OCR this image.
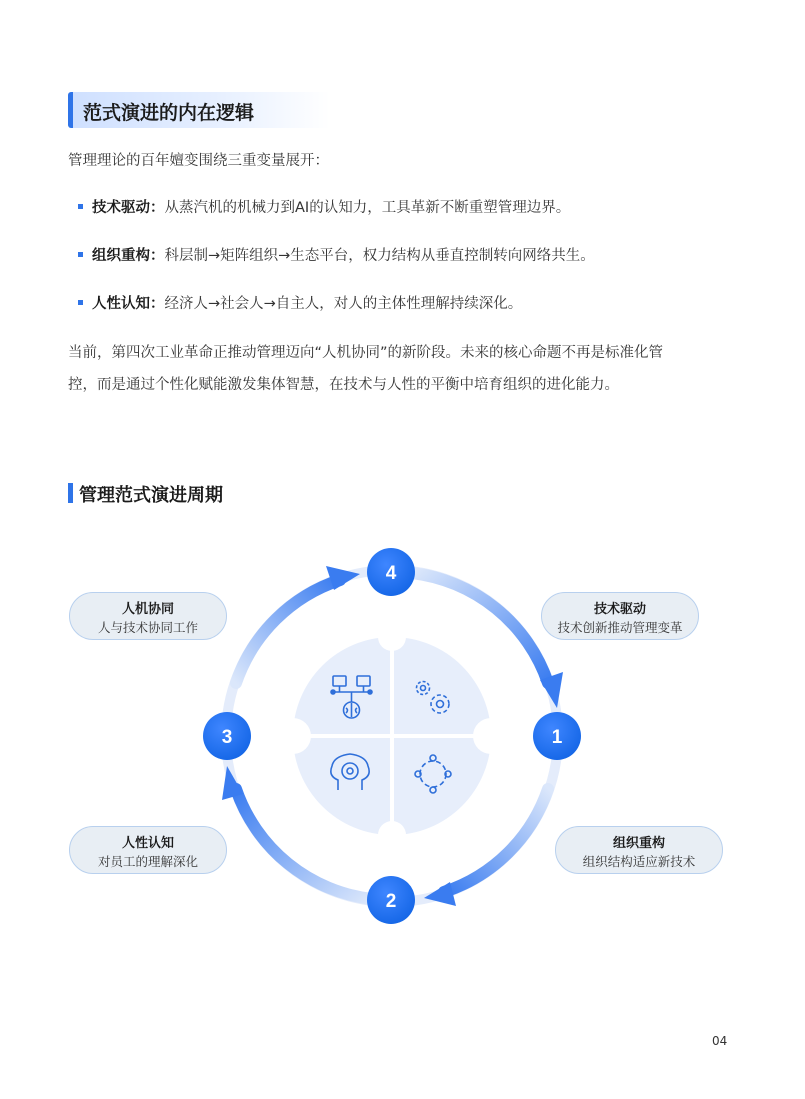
范式演进的内在逻辑
管理理论的百年嬗变围绕三重变量展开：
技术驱动：从蒸汽机的机械力到AI的认知力，工具革新不断重塑管理边界。
组织重构：科层制→矩阵组织→生态平台，权力结构从垂直控制转向网络共生。
人性认知：经济人→社会人→自主人，对人的主体性理解持续深化。
当前，第四次工业革命正推动管理迈向“人机协同”的新阶段。未来的核心命题不再是标准化管
控，而是通过个性化赋能激发集体智慧，在技术与人性的平衡中培育组织的进化能力。
管理范式演进周期
1
2
3
4
技术驱动
技术创新推动管理变革
组织重构
组织结构适应新技术
人性认知
对员工的理解深化
人机协同
人与技术协同工作
04
